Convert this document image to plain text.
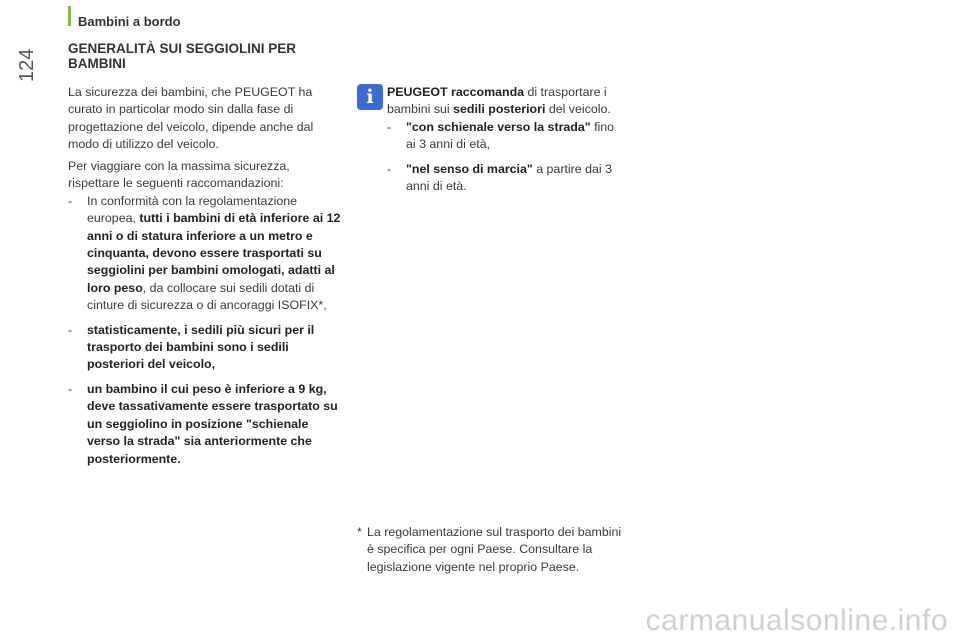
Bambini a bordo
124
GENERALITÀ SUI SEGGIOLINI PER BAMBINI
La sicurezza dei bambini, che PEUGEOT ha curato in particolar modo sin dalla fase di progettazione del veicolo, dipende anche dal modo di utilizzo del veicolo.
Per viaggiare con la massima sicurezza, rispettare le seguenti raccomandazioni:
- In conformità con la regolamentazione europea, tutti i bambini di età inferiore ai 12 anni o di statura inferiore a un metro e cinquanta, devono essere trasportati su seggiolini per bambini omologati, adatti al loro peso, da collocare sui sedili dotati di cinture di sicurezza o di ancoraggi ISOFIX*,
- statisticamente, i sedili più sicuri per il trasporto dei bambini sono i sedili posteriori del veicolo,
- un bambino il cui peso è inferiore a 9 kg, deve tassativamente essere trasportato su un seggiolino in posizione "schienale verso la strada" sia anteriormente che posteriormente.
i PEUGEOT raccomanda di trasportare i bambini sui sedili posteriori del veicolo.
- "con schienale verso la strada" fino ai 3 anni di età,
- "nel senso di marcia" a partire dai 3 anni di età.
* La regolamentazione sul trasporto dei bambini è specifica per ogni Paese. Consultare la legislazione vigente nel proprio Paese.
carmanualsonline.info
